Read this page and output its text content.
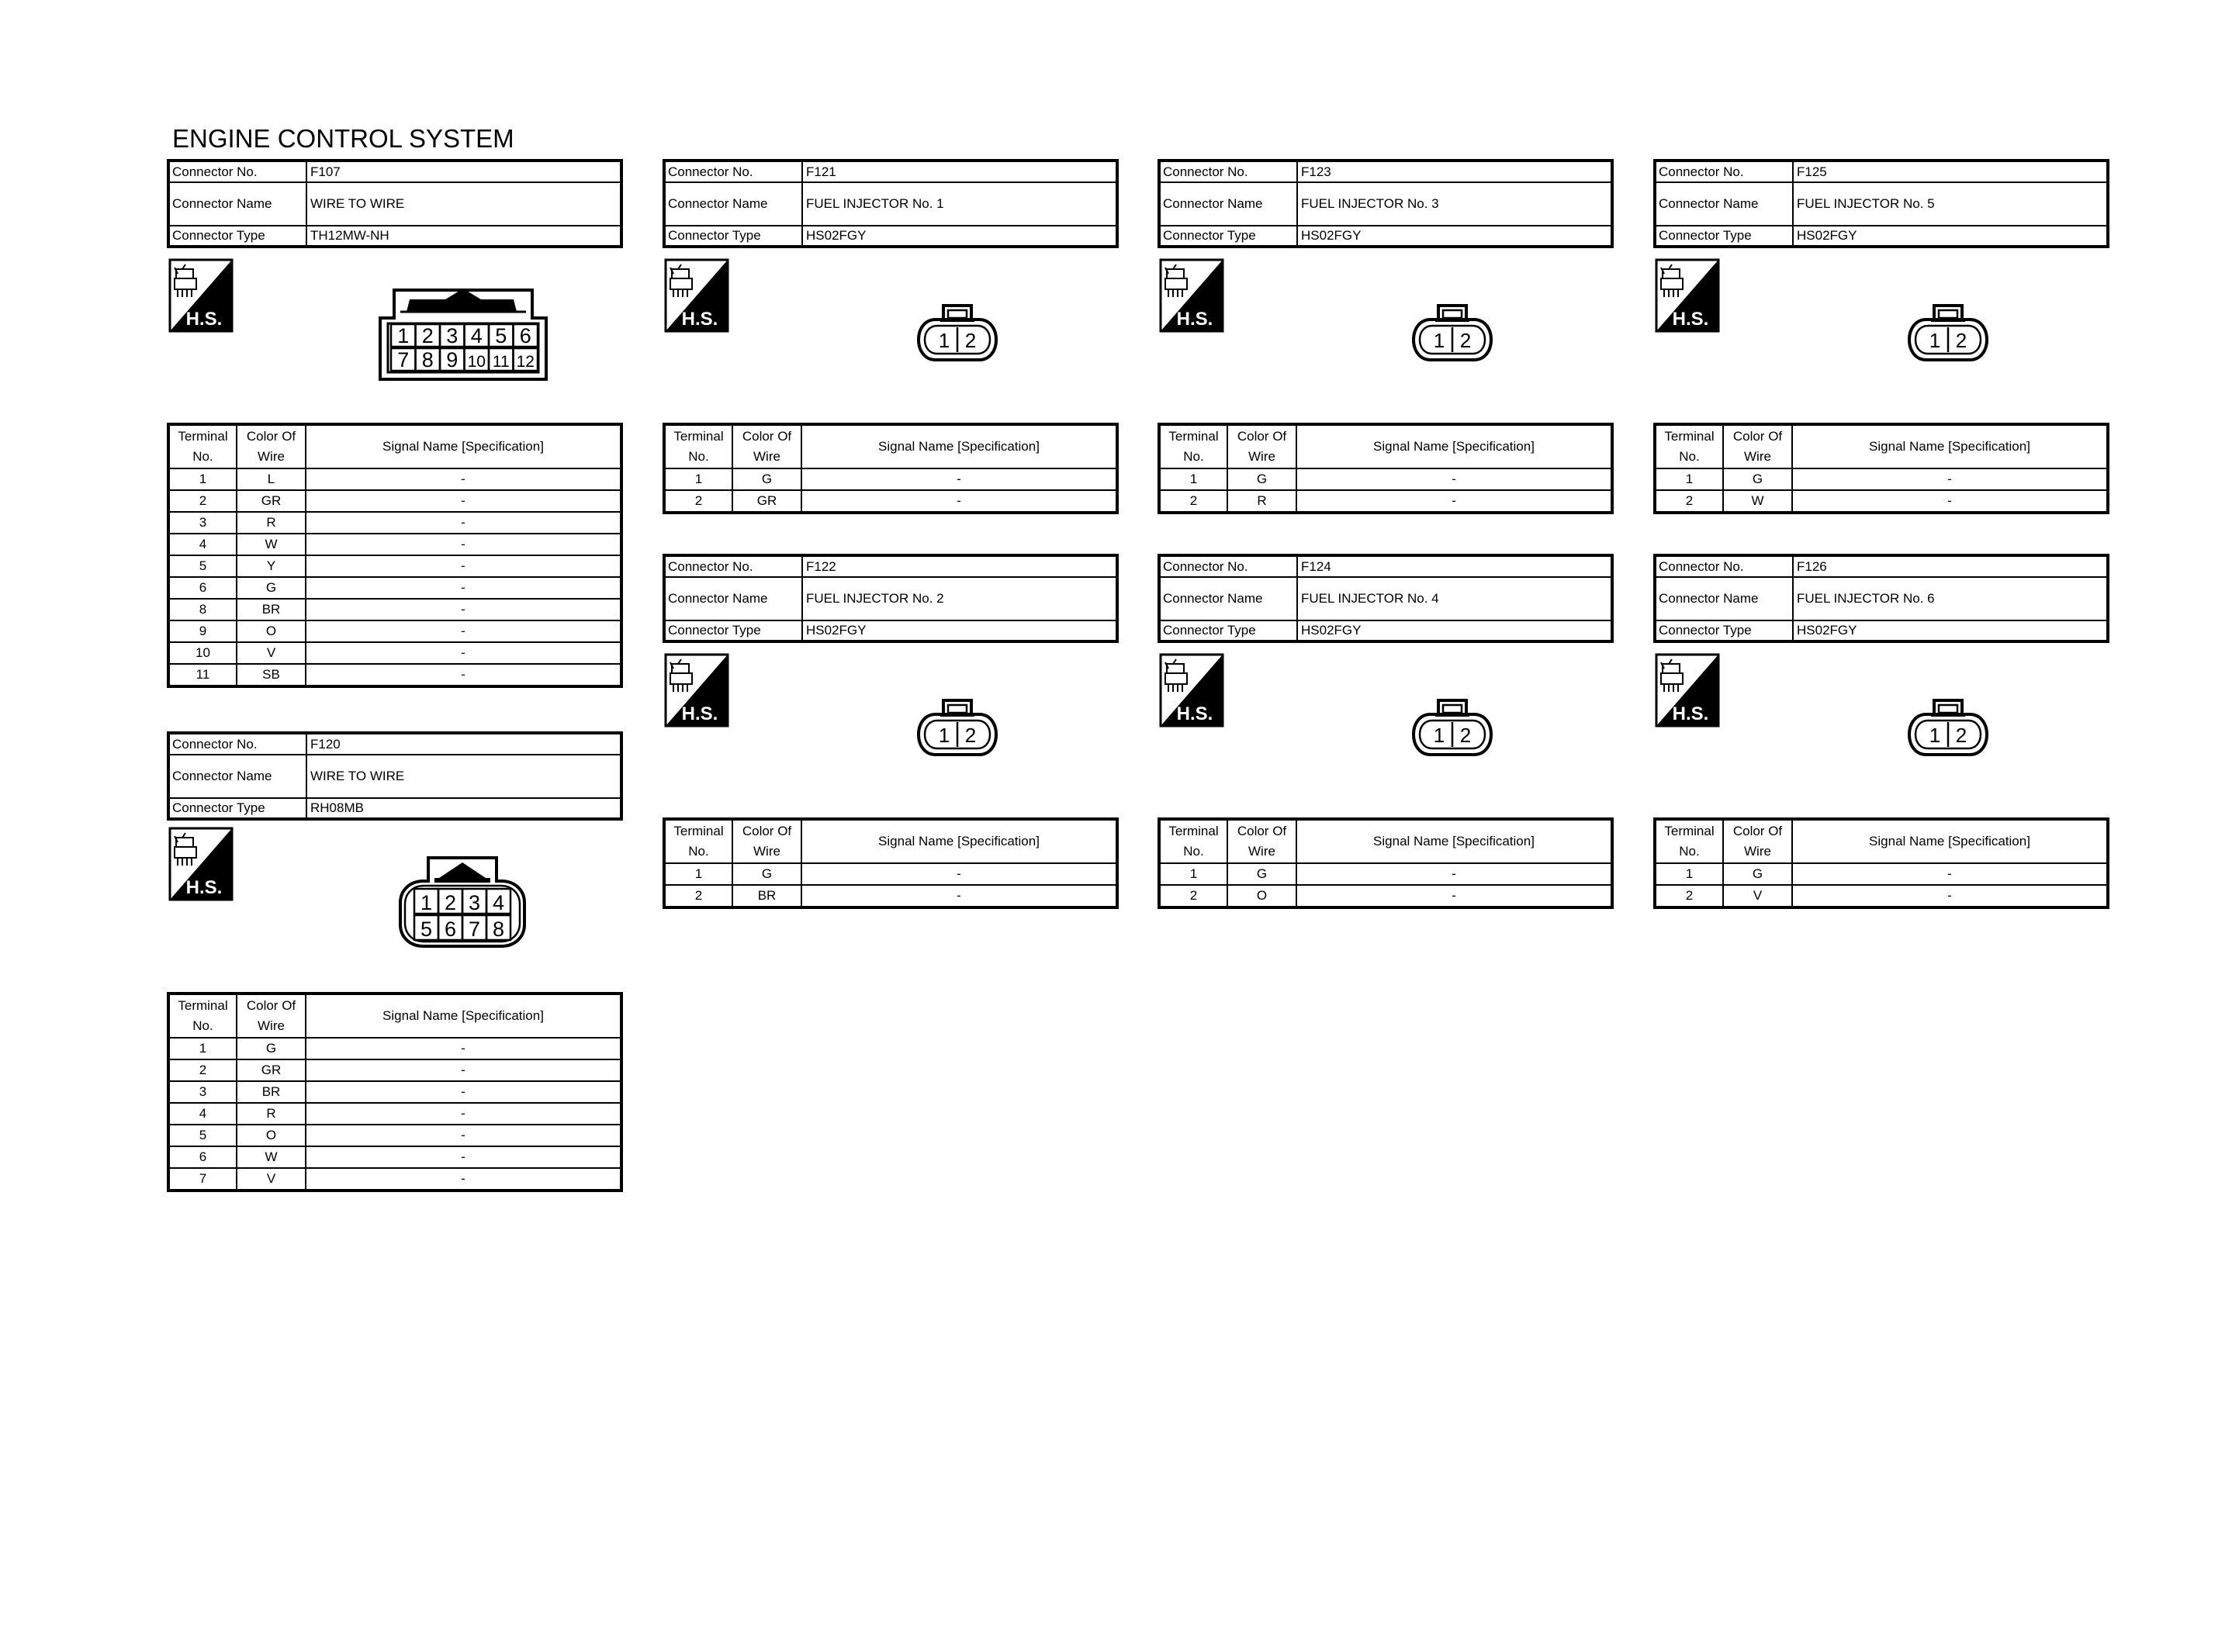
ENGINE CONTROL SYSTEM
Connector No.	F107
Connector Name	WIRE TO WIRE
Connector Type	TH12MW-NH
H.S.
1 2 3 4 5 6
7 8 9 10 11 12
Terminal No.	Color Of Wire	Signal Name [Specification]
1	L	-
2	GR	-
3	R	-
4	W	-
5	Y	-
6	G	-
8	BR	-
9	O	-
10	V	-
11	SB	-
Connector No.	F120
Connector Name	WIRE TO WIRE
Connector Type	RH08MB
H.S.
1 2 3 4
5 6 7 8
Terminal No.	Color Of Wire	Signal Name [Specification]
1	G	-
2	GR	-
3	BR	-
4	R	-
5	O	-
6	W	-
7	V	-
Connector No.	F121
Connector Name	FUEL INJECTOR No. 1
Connector Type	HS02FGY
H.S.
1 2
Terminal No.	Color Of Wire	Signal Name [Specification]
1	G	-
2	GR	-
Connector No.	F123
Connector Name	FUEL INJECTOR No. 3
Connector Type	HS02FGY
H.S.
1 2
Terminal No.	Color Of Wire	Signal Name [Specification]
1	G	-
2	R	-
Connector No.	F125
Connector Name	FUEL INJECTOR No. 5
Connector Type	HS02FGY
H.S.
1 2
Terminal No.	Color Of Wire	Signal Name [Specification]
1	G	-
2	W	-
Connector No.	F122
Connector Name	FUEL INJECTOR No. 2
Connector Type	HS02FGY
H.S.
1 2
Terminal No.	Color Of Wire	Signal Name [Specification]
1	G	-
2	BR	-
Connector No.	F124
Connector Name	FUEL INJECTOR No. 4
Connector Type	HS02FGY
H.S.
1 2
Terminal No.	Color Of Wire	Signal Name [Specification]
1	G	-
2	O	-
Connector No.	F126
Connector Name	FUEL INJECTOR No. 6
Connector Type	HS02FGY
H.S.
1 2
Terminal No.	Color Of Wire	Signal Name [Specification]
1	G	-
2	V	-
